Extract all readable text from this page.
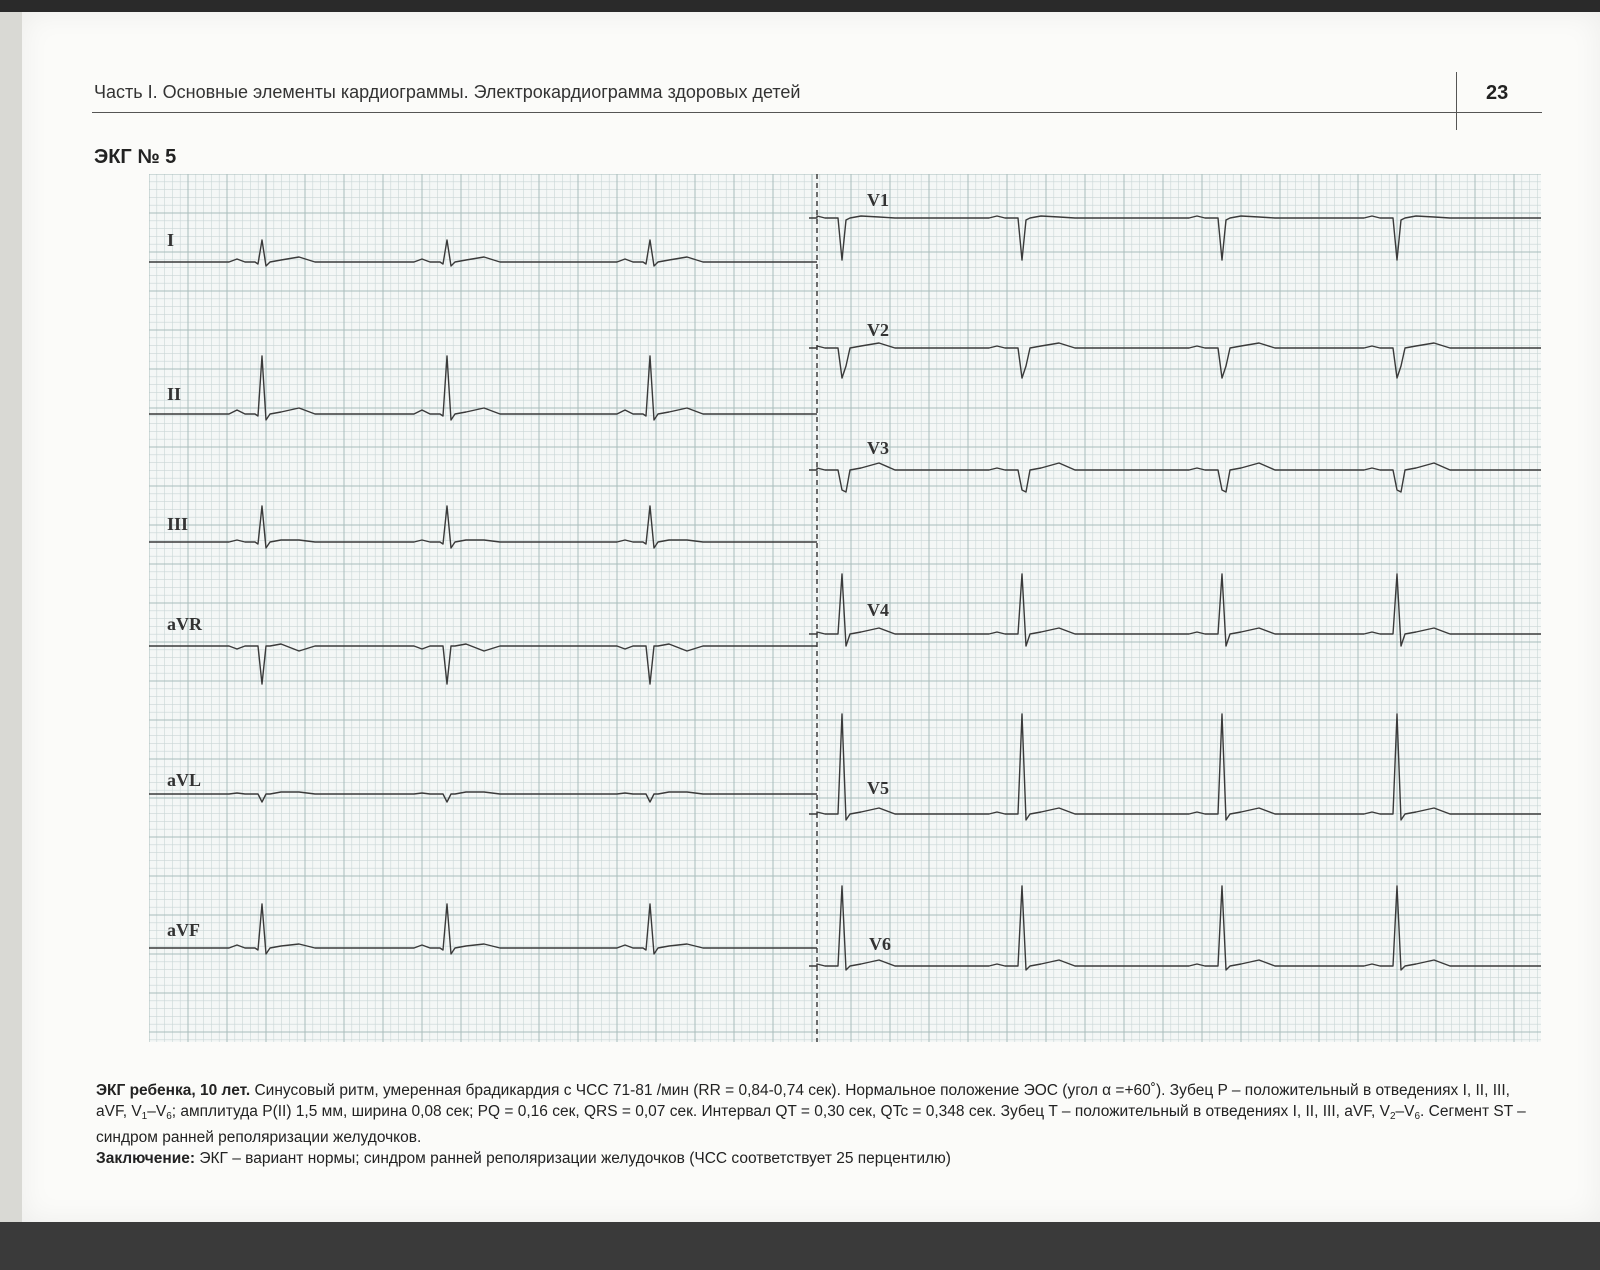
Часть I. Основные элементы кардиограммы. Электрокардиограмма здоровых детей	23
ЭКГ № 5
I
II
III
aVR
aVL
aVF
V1
V2
V3
V4
V5
V6

ЭКГ ребенка, 10 лет. Синусовый ритм, умеренная брадикардия с ЧСС 71-81 /мин (RR = 0,84-0,74 сек). Нормальное положение ЭОС (угол α =+60˚). Зубец P – положительный в отведениях I, II, III, aVF, $V_1-V_6$; амплитуда P(II) 1,5 мм, ширина 0,08 сек; PQ = 0,16 сек, QRS = 0,07 сек. Интервал QT = 0,30 сек, QTc = 0,348 сек. Зубец T – положительный в отведениях I, II, III, aVF, $V_2-V_6$. Сегмент ST – синдром ранней реполяризации желудочков.

Заключение: ЭКГ – вариант нормы; синдром ранней реполяризации желудочков (ЧСС соответствует 25 перцентилю)
